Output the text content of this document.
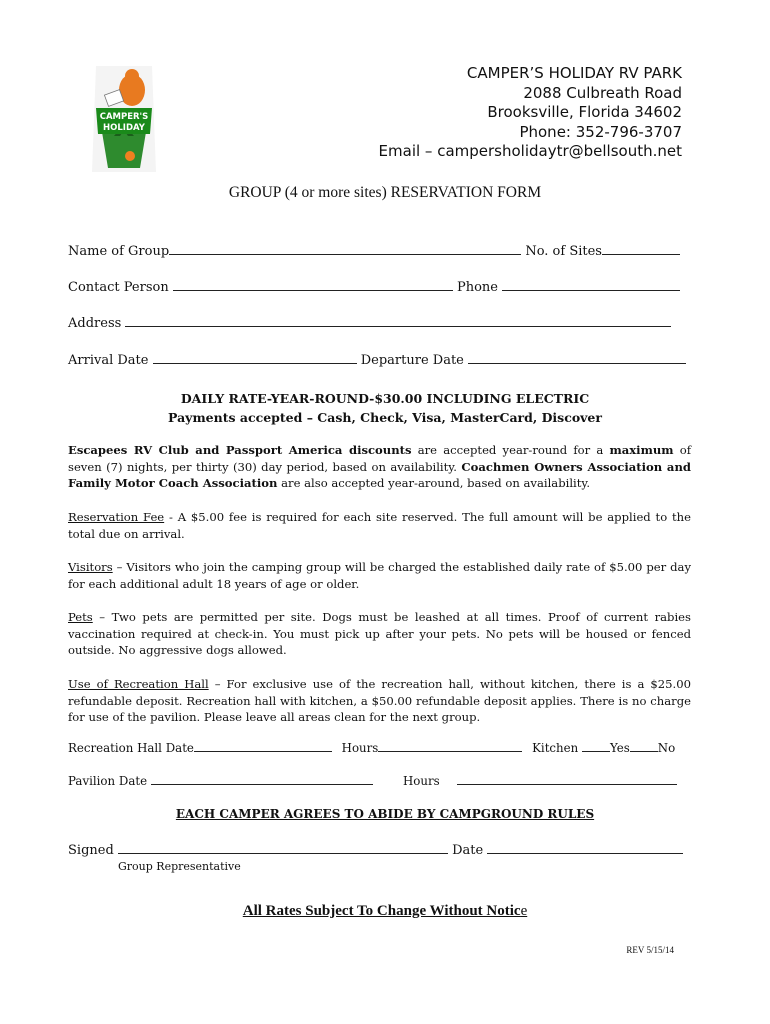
CAMPER'S
HOLIDAY
CAMPER’S HOLIDAY RV PARK
2088 Culbreath Road
Brooksville, Florida 34602
Phone: 352-796-3707
Email – campersholidaytr@bellsouth.net
GROUP (4 or more sites) RESERVATION FORM
Name of Group	No. of Sites
Contact Person	Phone
Address
Arrival Date	Departure Date
DAILY RATE-YEAR-ROUND-$30.00 INCLUDING ELECTRIC
Payments accepted – Cash, Check, Visa, MasterCard, Discover
Escapees RV Club and Passport America discounts are accepted year-round for a maximum of seven (7) nights, per thirty (30) day period, based on availability. Coachmen Owners Association and Family Motor Coach Association are also accepted year-around, based on availability.
Reservation Fee - A $5.00 fee is required for each site reserved. The full amount will be applied to the total due on arrival.
Visitors – Visitors who join the camping group will be charged the established daily rate of $5.00 per day for each additional adult 18 years of age or older.
Pets – Two pets are permitted per site. Dogs must be leashed at all times. Proof of current rabies vaccination required at check-in. You must pick up after your pets. No pets will be housed or fenced outside. No aggressive dogs allowed.
Use of Recreation Hall – For exclusive use of the recreation hall, without kitchen, there is a $25.00 refundable deposit. Recreation hall with kitchen, a $50.00 refundable deposit applies. There is no charge for use of the pavilion. Please leave all areas clean for the next group.
Recreation Hall Date	Hours	Kitchen	Yes No
Pavilion Date	Hours
EACH CAMPER AGREES TO ABIDE BY CAMPGROUND RULES
Signed	Date
Group Representative
All Rates Subject To Change Without Notice
REV 5/15/14
